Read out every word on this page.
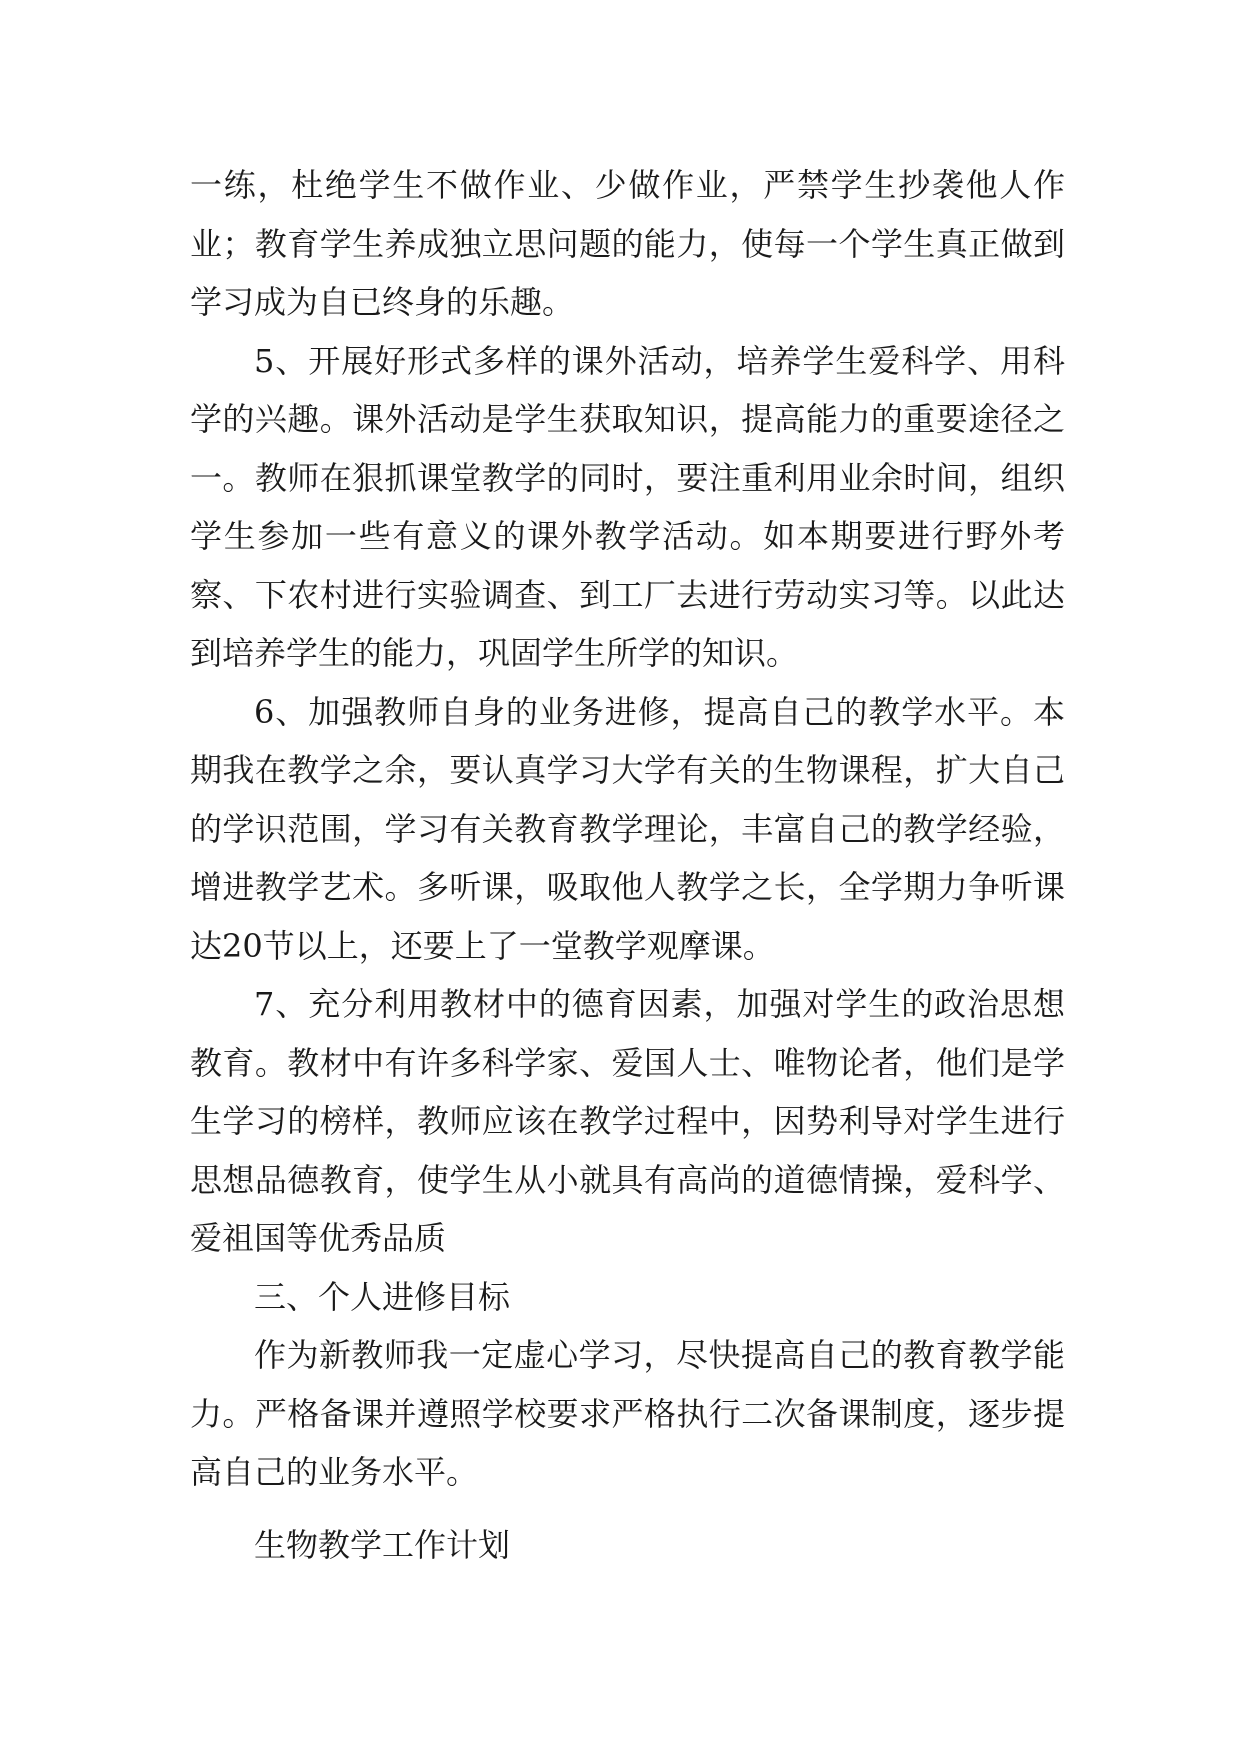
一练，杜绝学生不做作业、少做作业，严禁学生抄袭他人作业；教育学生养成独立思问题的能力，使每一个学生真正做到学习成为自已终身的乐趣。

5、开展好形式多样的课外活动，培养学生爱科学、用科学的兴趣。课外活动是学生获取知识，提高能力的重要途径之一。教师在狠抓课堂教学的同时，要注重利用业余时间，组织学生参加一些有意义的课外教学活动。如本期要进行野外考察、下农村进行实验调查、到工厂去进行劳动实习等。以此达到培养学生的能力，巩固学生所学的知识。

6、加强教师自身的业务进修，提高自己的教学水平。本期我在教学之余，要认真学习大学有关的生物课程，扩大自己的学识范围，学习有关教育教学理论，丰富自己的教学经验，增进教学艺术。多听课，吸取他人教学之长，全学期力争听课达20节以上，还要上了一堂教学观摩课。

7、充分利用教材中的德育因素，加强对学生的政治思想教育。教材中有许多科学家、爱国人士、唯物论者，他们是学生学习的榜样，教师应该在教学过程中，因势利导对学生进行思想品德教育，使学生从小就具有高尚的道德情操，爱科学、爱祖国等优秀品质

三、个人进修目标

作为新教师我一定虚心学习，尽快提高自己的教育教学能力。严格备课并遵照学校要求严格执行二次备课制度，逐步提高自己的业务水平。

生物教学工作计划
